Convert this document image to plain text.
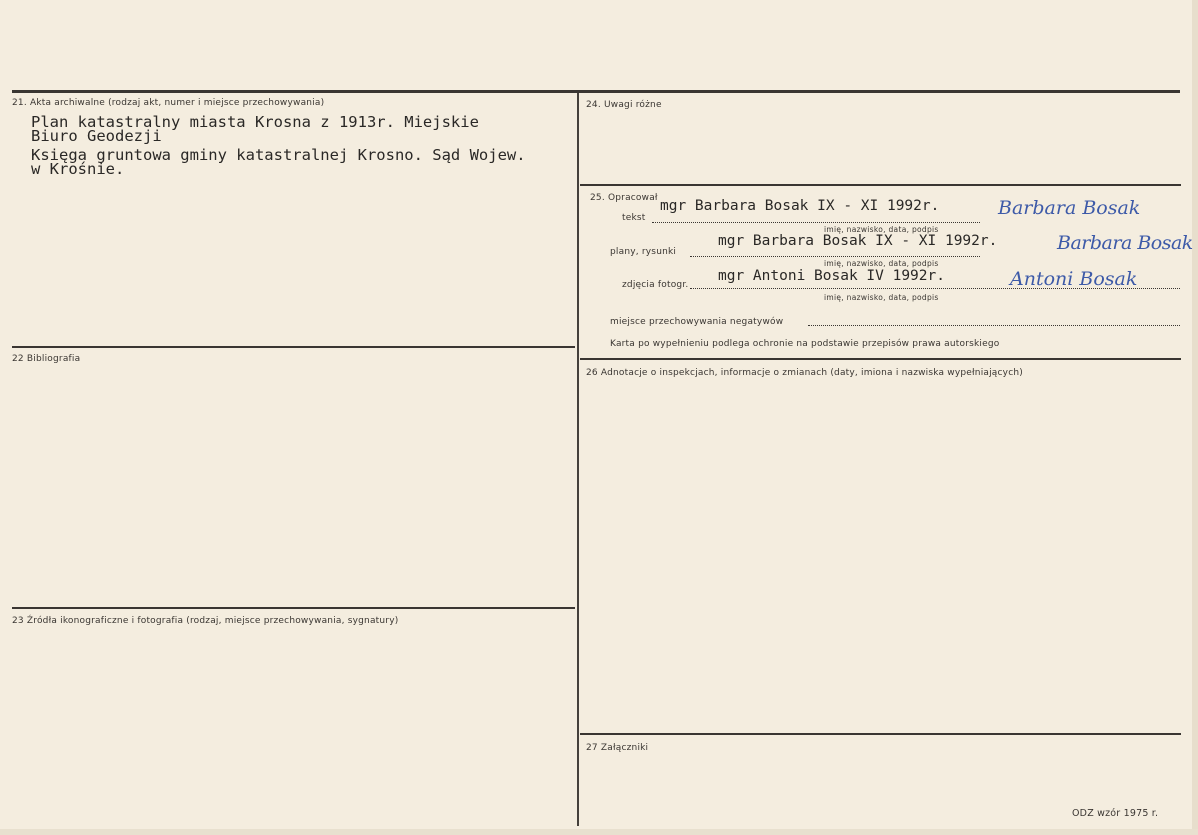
21. Akta archiwalne (rodzaj akt, numer i miejsce przechowywania)
Plan katastralny miasta Krosna z 1913r. Miejskie
Biuro Geodezji
Księga gruntowa gminy katastralnej Krosno. Sąd Wojew.
w Krośnie.
22 Bibliografia
23 Źródła ikonograficzne i fotografia (rodzaj, miejsce przechowywania, sygnatury)
24. Uwagi różne
25. Opracował
tekst
mgr Barbara Bosak IX - XI 1992r.	Barbara Bosak
imię, nazwisko, data, podpis
plany, rysunki
mgr Barbara Bosak IX - XI 1992r.	Barbara Bosak
imię, nazwisko, data, podpis
zdjęcia fotogr.
mgr Antoni Bosak IV 1992r.	Antoni Bosak
imię, nazwisko, data, podpis
miejsce przechowywania negatywów
Karta po wypełnieniu podlega ochronie na podstawie przepisów prawa autorskiego
26 Adnotacje o inspekcjach, informacje o zmianach (daty, imiona i nazwiska wypełniających)
27 Załączniki
ODZ wzór 1975 r.
